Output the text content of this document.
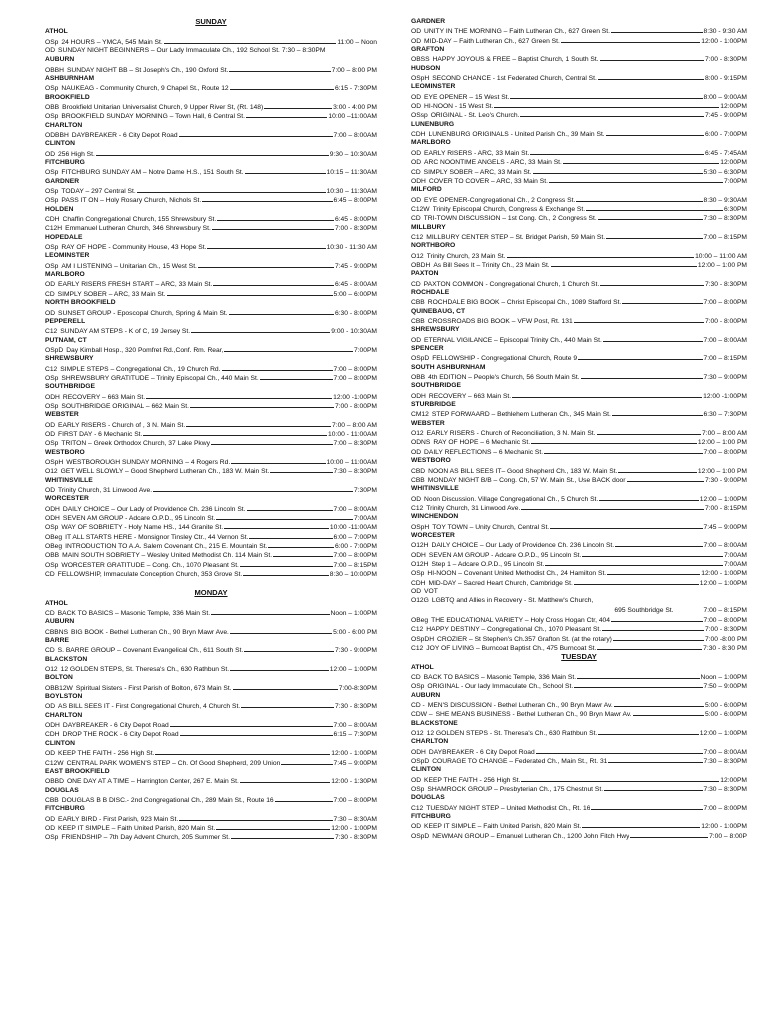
SUNDAY
ATHOL
OSp 24 HOURS – YMCA, 545 Main St.	11:00 – Noon
OD SUNDAY NIGHT BEGINNERS – Our Lady Immaculate Ch., 192 School St. 7:30 – 8:30PM
AUBURN
OBBH SUNDAY NIGHT BB – St Joseph's Ch., 190 Oxford St.	7:00 – 8:00 PM
ASHBURNHAM
OSp NAUKEAG - Community Church, 9 Chapel St., Route 12	6:15 - 7:30PM
BROOKFIELD
OBB Brookfield Unitarian Universalist Church, 9 Upper River St, (Rt. 148)	3:00 - 4:00 PM
OSp BROOKFIELD SUNDAY MORNING – Town Hall, 6 Central St.	10:00 –11:00AM
CHARLTON
ODBBH DAYBREAKER - 6 City Depot Road	7:00 – 8:00AM
CLINTON
OD 256 High St.	9:30 – 10:30AM
FITCHBURG
OSp FITCHBURG SUNDAY AM – Notre Dame H.S., 151 South St.	10:15 – 11:30AM
GARDNER
OSp TODAY – 297 Central St.	10:30 – 11:30AM
OSp PASS IT ON – Holy Rosary Church, Nichols St.	6:45 – 8:00PM
HOLDEN
CDH Chaffin Congregational Church, 155 Shrewsbury St.	6:45 - 8:00PM
C12H Emmanuel Lutheran Church, 346 Shrewsbury St.	7:00 - 8:30PM
HOPEDALE
OSp RAY OF HOPE - Community House, 43 Hope St.	10:30 - 11:30 AM
LEOMINSTER
OSp AM I LISTENING – Unitarian Ch., 15 West St.	7:45 - 9:00PM
MARLBORO
OD EARLY RISERS FRESH START – ARC, 33 Main St.	6:45 - 8:00AM
CD SIMPLY SOBER – ARC, 33 Main St.	5:00 – 6:00PM
NORTH BROOKFIELD
OD SUNSET GROUP - Eposcopal Church, Spring & Main St.	6:30 - 8:00PM
PEPPERELL
C12 SUNDAY AM STEPS - K of C, 19 Jersey St.	9:00 - 10:30AM
PUTNAM, CT
OSpD Day Kimball Hosp., 320 Pomfret Rd.,Conf. Rm. Rear,	7:00PM
SHREWSBURY
C12 SIMPLE STEPS – Congregational Ch., 19 Church Rd.	7:00 – 8:00PM
OSp SHREWSBURY GRATITUDE – Trinity Episcopal Ch., 440 Main St.	7:00 – 8:00PM
SOUTHBRIDGE
ODH RECOVERY – 663 Main St.	12:00 -1:00PM
OSp SOUTHBRIDGE ORIGINAL – 662 Main St.	7:00 - 8:00PM
WEBSTER
OD EARLY RISERS - Church of , 3 N. Main St.	7:00 – 8:00 AM
OD FIRST DAY - 6 Mechanic St.	10:00 - 11:00AM
OSp TRITON – Greek Orthodox Church, 37 Lake Pkwy	7:00 – 8:30PM
WESTBORO
OSpH WESTBOROUGH SUNDAY MORNING – 4 Rogers Rd.	10:00 – 11:00AM
O12 GET WELL SLOWLY – Good Shepherd Lutheran Ch., 183 W. Main St.	7:30 – 8:30PM
WHITINSVILLE
OD Trinity Church, 31 Linwood Ave.	7:30PM
WORCESTER
ODH DAILY CHOICE – Our Lady of Providence Ch. 236 Lincoln St.	7:00 – 8:00AM
ODH SEVEN AM GROUP - Adcare O.P.D., 95 Lincoln St.	7:00AM
OSp WAY OF SOBRIETY - Holy Name HS., 144 Granite St.	10:00 -11:00AM
OBeg IT ALL STARTS HERE - Monsignor Tinsley Ctr., 44 Vernon St.	6:00 – 7:00PM
OBeg INTRODUCTION TO A.A. Salem Covenant Ch., 215 E. Mountain St.	6:00 - 7:00PM
OBB MAIN SOUTH SOBRIETY – Wesley United Methodist Ch. 114 Main St.	7:00 – 8:00PM
OSp WORCESTER GRATITUDE – Cong. Ch., 1070 Pleasant St.	7:00 – 8:15PM
CD FELLOWSHIP, Immaculate Conception Church, 353 Grove St.	8:30 – 10:00PM
MONDAY
ATHOL
CD BACK TO BASICS – Masonic Temple, 336 Main St.	Noon – 1:00PM
AUBURN
CBBNS BIG BOOK - Bethel Lutheran Ch., 90 Bryn Mawr Ave.	5:00 - 6:00 PM
BARRE
CD S. BARRE GROUP – Covenant Evangelical Ch., 611 South St.	7:30 - 9:00PM
BLACKSTON
O12 12 GOLDEN STEPS, St. Theresa's Ch., 630 Rathbun St.	12:00 – 1:00PM
BOLTON
OBB12W Spiritual Sisters - First Parish of Bolton, 673 Main St.	7:00-8:30PM
BOYLSTON
OD AS BILL SEES IT - First Congregational Church, 4 Church St.	7:30 - 8:30PM
CHARLTON
ODH DAYBREAKER - 6 City Depot Road	7:00 – 8:00AM
CDH DROP THE ROCK - 6 City Depot Road	6:15 – 7:30PM
CLINTON
OD KEEP THE FAITH - 256 High St.	12:00 - 1:00PM
C12W CENTRAL PARK WOMEN'S STEP – Ch. Of Good Shepherd, 209 Union	7:45 – 9:00PM
EAST BROOKFIELD
OBBD ONE DAY AT A TIME – Harrington Center, 267 E. Main St.	12:00 - 1:30PM
DOUGLAS
CBB DOUGLAS B B DISC.- 2nd Congregational Ch., 289 Main St., Route 16	7:00 – 8:00PM
FITCHBURG
OD EARLY BIRD - First Parish, 923 Main St.	7:30 – 8:30AM
OD KEEP IT SIMPLE – Faith United Parish, 820 Main St.	12:00 - 1:00PM
OSp FRIENDSHIP – 7th Day Advent Church, 205 Summer St.	7:30 - 8:30PM
GARDNER
OD UNITY IN THE MORNING – Faith Lutheran Ch., 627 Green St.	8:30 - 9:30 AM
OD MID-DAY – Faith Lutheran Ch., 627 Green St.	12:00 - 1:00PM
GRAFTON
OBSS HAPPY JOYOUS & FREE – Baptist Church, 1 South St.	7:00 - 8:30PM
HUDSON
OSpH SECOND CHANCE - 1st Federated Church, Central St.	8:00 - 9:15PM
LEOMINSTER
OD EYE OPENER – 15 West St.	8:00 – 9:00AM
OD HI-NOON - 15 West St.	12:00PM
OSsp ORIGINAL - St. Leo's Church.	7:45 - 9:00PM
LUNENBURG
CDH LUNENBURG ORIGINALS - United Parish Ch., 39 Main St.	6:00 - 7:00PM
MARLBORO
OD EARLY RISERS - ARC, 33 Main St.	6:45 - 7:45AM
OD ARC NOONTIME ANGELS - ARC, 33 Main St.	12:00PM
CD SIMPLY SOBER – ARC, 33 Main St.	5:30 – 6:30PM
ODH COVER TO COVER – ARC, 33 Main St.	7:00PM
MILFORD
OD EYE OPENER-Congregational Ch., 2 Congress St.	8:30 – 9:30AM
C12W Trinity Episcopal Church, Congress & Exchange St.	6:30PM
CD TRI-TOWN DISCUSSION – 1st Cong. Ch., 2 Congress St.	7:30 – 8:30PM
MILLBURY
C12 MILLBURY CENTER STEP – St. Bridget Parish, 59 Main St.	7:00 – 8:15PM
NORTHBORO
O12 Trinity Church, 23 Main St.	10:00 – 11:00 AM
OBDH As Bill Sees It – Trinity Ch., 23 Main St.	12:00 – 1:00 PM
PAXTON
CD PAXTON COMMON - Congregational Church, 1 Church St.	7:30 - 8:30PM
ROCHDALE
CBB ROCHDALE BIG BOOK – Christ Episcopal Ch., 1089 Stafford St.	7:00 – 8:00PM
QUINEBAUG, CT
CBB CROSSROADS BIG BOOK – VFW Post, Rt. 131	7:00 - 8:00PM
SHREWSBURY
OD ETERNAL VIGILANCE – Episcopal Trinity Ch., 440 Main St.	7:00 – 8:00AM
SPENCER
OSpD FELLOWSHIP - Congregational Church, Route 9	7:00 – 8:15PM
SOUTH ASHBURNHAM
OBB 4th EDITION – People's Church, 56 South Main St.	7:30 – 9:00PM
SOUTHBRIDGE
ODH RECOVERY – 663 Main St.	12:00 -1:00PM
STURBRIDGE
CM12 STEP FORWAARD – Bethlehem Lutheran Ch., 345 Main St.	6:30 – 7:30PM
WEBSTER
O12 EARLY RISERS - Church of Reconciliation, 3 N. Main St.	7:00 – 8:00 AM
ODNS RAY OF HOPE – 6 Mechanic St.	12:00 – 1:00 PM
OD DAILY REFLECTIONS – 6 Mechanic St.	7:00 – 8:00PM
WESTBORO
CBD NOON AS BILL SEES IT– Good Shepherd Ch., 183 W. Main St.	12:00 – 1:00 PM
CBB MONDAY NIGHT B/B – Cong. Ch, 57 W. Main St., Use BACK door	7:30 - 9:00PM
WHITINSVILLE
OD Noon Discussion. Village Congregational Ch., 5 Church St.	12:00 – 1:00PM
C12 Trinity Church, 31 Linwood Ave.	7:00 - 8:15PM
WINCHENDON
OSpH TOY TOWN – Unity Church, Central St.	7:45 – 9:00PM
WORCESTER
O12H DAILY CHOICE – Our Lady of Providence Ch. 236 Lincoln St.	7:00 – 8:00AM
ODH SEVEN AM GROUP - Adcare O.P.D., 95 Lincoln St.	7:00AM
O12H Step 1 – Adcare O.P.D., 95 Lincoln St.	7:00AM
OSp HI-NOON – Covenant United Methodist Ch., 24 Hamilton St.	12:00 - 1:00PM
CDH MID-DAY – Sacred Heart Church, Cambridge St.	12:00 – 1:00PM
OD VOT
O12G LGBTQ and Allies in Recovery - St. Matthew's Church,
695 Southbridge St.	7:00 – 8:15PM
OBeg THE EDUCATIONAL VARIETY – Holy Cross Hogan Ctr, 404	7:00 – 8:00PM
C12 HAPPY DESTINY – Congregational Ch., 1070 Pleasant St.	7:00 - 8:30PM
OSpDH CROZIER – St Stephen's Ch.357 Grafton St. (at the rotary)	7:00 -8:00 PM
C12 JOY OF LIVING – Burncoat Baptist Ch., 475 Burncoat St.	7:30 - 8:30 PM
TUESDAY
ATHOL
CD BACK TO BASICS – Masonic Temple, 336 Main St.	Noon – 1:00PM
OSp ORIGINAL - Our lady Immaculate Ch., School St.	7:50 – 9:00PM
AUBURN
CD - MEN'S DISCUSSION - Bethel Lutheran Ch., 90 Bryn Mawr Av.	5:00 - 6:00PM
CDW – SHE MEANS BUSINESS - Bethel Lutheran Ch., 90 Bryn Mawr Av.	5:00 - 6:00PM
BLACKSTONE
O12 12 GOLDEN STEPS - St. Theresa's Ch., 630 Rathbun St.	12:00 – 1:00PM
CHARLTON
ODH DAYBREAKER - 6 City Depot Road	7:00 – 8:00AM
OSpD COURAGE TO CHANGE – Federated Ch., Main St., Rt. 31	7:30 – 8:30PM
CLINTON
OD KEEP THE FAITH - 256 High St.	12:00PM
OSp SHAMROCK GROUP – Presbyterian Ch., 175 Chestnut St.	7:30 – 8:30PM
DOUGLAS
C12 TUESDAY NIGHT STEP – United Methodist Ch., Rt. 16	7:00 – 8:00PM
FITCHBURG
OD KEEP IT SIMPLE – Faith United Parish, 820 Main St.	12:00 - 1:00PM
OSpD NEWMAN GROUP – Emanuel Lutheran Ch., 1200 John Fitch Hwy	7:00 – 8:00P
